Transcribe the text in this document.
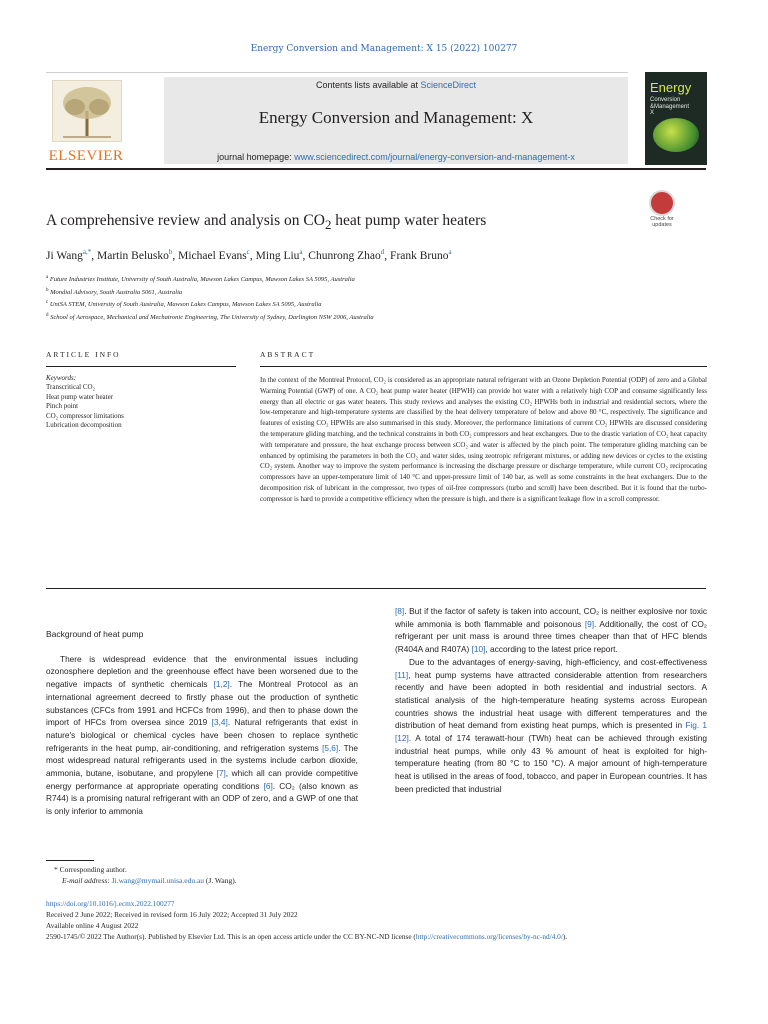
Energy Conversion and Management: X 15 (2022) 100277
ELSEVIER
Contents lists available at ScienceDirect
Energy Conversion and Management: X
journal homepage: www.sciencedirect.com/journal/energy-conversion-and-management-x
Energy
Conversion
&Management
X
A comprehensive review and analysis on $CO_2$ heat pump water heaters	Check for
updates
Ji Wang$^{a,*}$, Martin Belusko$^b$, Michael Evans$^c$, Ming Liu$^a$, Chunrong Zhao$^d$, Frank Bruno$^a$
$^a$ Future Industries Institute, University of South Australia, Mawson Lakes Campus, Mawson Lakes SA 5095, Australia
$^b$ Mondial Advisory, South Australia 5061, Australia
$^c$ UniSA STEM, University of South Australia, Mawson Lakes Campus, Mawson Lakes SA 5095, Australia
$^d$ School of Aerospace, Mechanical and Mechatronic Engineering, The University of Sydney, Darlington NSW 2006, Australia
ARTICLE INFO	ABSTRACT
Keywords:
Transcritical CO₂
Heat pump water heater
Pinch point
CO₂ compressor limitations
Lubrication decomposition
In the context of the Montreal Protocol, CO₂ is considered as an appropriate natural refrigerant with an Ozone Depletion Potential (ODP) of zero and a Global Warming Potential (GWP) of one. A CO₂ heat pump water heater (HPWH) can provide hot water with a relatively high COP and consume significantly less energy than all electric or gas water heaters. This study reviews and analyses the existing CO₂ HPWHs both in industrial and residential sectors, where the low-temperature and high-temperature systems are classified by the heat delivery temperature of below and above 80 °C, respectively. The significance and features of existing CO₂ HPWHs are also summarised in this study. Moreover, the performance limitations of current CO₂ HPWHs are discussed considering the temperature gliding matching, and the technical constraints in both CO₂ compressors and heat exchangers. Due to the drastic variation of CO₂ heat capacity with temperature and pressure, the heat exchange process between sCO₂ and water is affected by the pinch point. The temperature gliding matching can be enhanced by optimising the parameters in both the CO₂ and water sides, using zeotropic refrigerant mixtures, or adding new devices or cycles to the existing CO₂ system. Another way to improve the system performance is increasing the discharge pressure or discharge temperature, while current CO₂ reciprocating compressors have an upper-temperature limit of 140 °C and upper-pressure limit of 140 bar, as well as some constraints in the heat exchangers. Due to the decomposition risk of lubricant in the compressor, two types of oil-free compressors (turbo and scroll) have been described. But it is found that the turbo-compressor is hard to provide a competitive efficiency when the pressure is high, and there is a significant leakage flow in a scroll compressor.

Background of heat pump

There is widespread evidence that the environmental issues including ozonosphere depletion and the greenhouse effect have been worsened due to the negative impacts of synthetic chemicals [1,2]. The Montreal Protocol as an international agreement decreed to firstly phase out the production of synthetic substances (CFCs from 1991 and HCFCs from 1996), and then to phase down the import of HFCs from oversea since 2019 [3,4]. Natural refrigerants that exist in nature's biological or chemical cycles have been chosen to replace synthetic refrigerants in the heat pump, air-conditioning, and refrigeration systems [5,6]. The most widespread natural refrigerants used in the systems include carbon dioxide, ammonia, butane, isobutane, and propylene [7], which all can provide competitive energy performance at appropriate operating conditions [6]. CO₂ (also known as R744) is a promising natural refrigerant with an ODP of zero, and a GWP of one that is only inferior to ammonia

[8]. But if the factor of safety is taken into account, CO₂ is neither explosive nor toxic while ammonia is both flammable and poisonous [9]. Additionally, the cost of CO₂ refrigerant per unit mass is around three times cheaper than that of HFC blends (R404A and R407A) [10], according to the latest price report.

Due to the advantages of energy-saving, high-efficiency, and cost-effectiveness [11], heat pump systems have attracted considerable attention from researchers recently and have been adopted in both residential and industrial sectors. A statistical analysis of the high-temperature heating systems across European countries shows the industrial heat usage with different temperatures and the distribution of heat demand from existing heat pumps, which is presented in Fig. 1 [12]. A total of 174 terawatt-hour (TWh) heat can be achieved through existing industrial heat pumps, while only 43 % amount of heat is exploited for high-temperature heating (from 80 °C to 150 °C). A major amount of high-temperature heat is utilised in the areas of food, tobacco, and paper in European countries. It has been predicted that industrial

* Corresponding author.
E-mail address: Ji.wang@mymail.unisa.edu.au (J. Wang).

https://doi.org/10.1016/j.ecmx.2022.100277

Received 2 June 2022; Received in revised form 16 July 2022; Accepted 31 July 2022

Available online 4 August 2022

2590-1745/© 2022 The Author(s). Published by Elsevier Ltd. This is an open access article under the CC BY-NC-ND license (http://creativecommons.org/licenses/by-nc-nd/4.0/).
